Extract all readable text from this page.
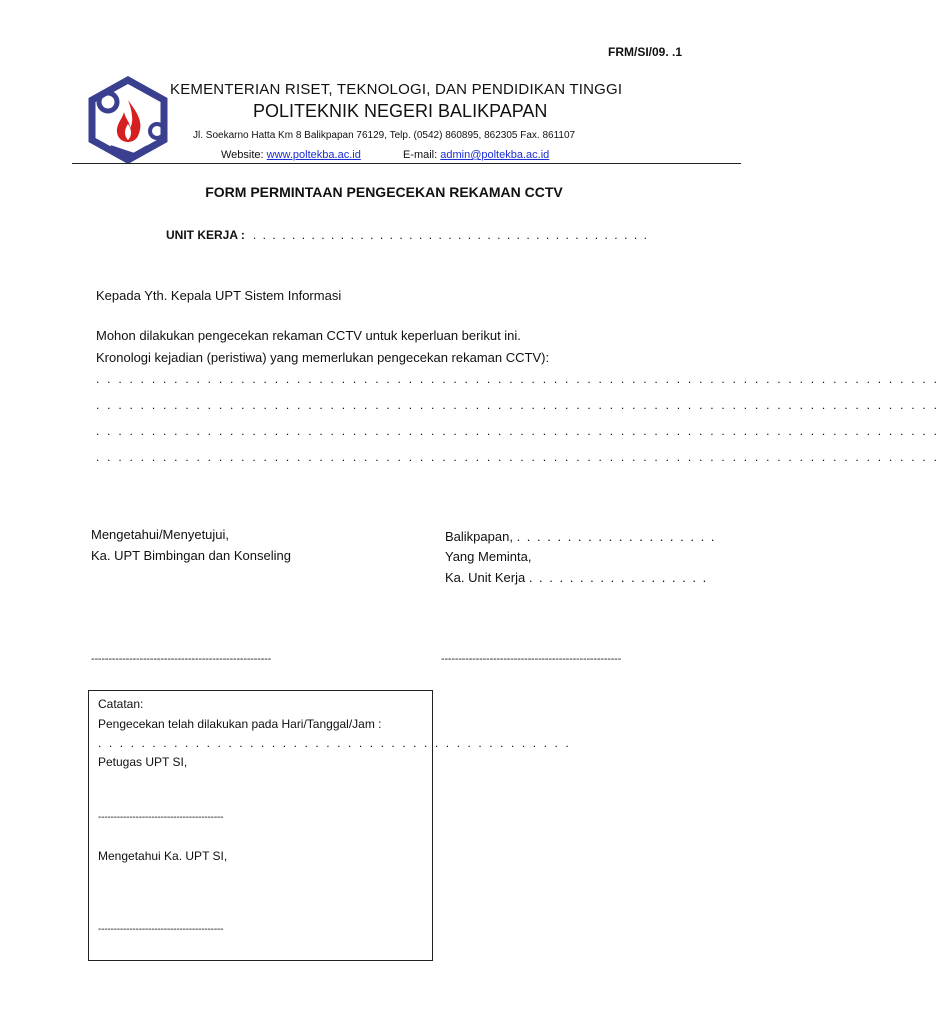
FRM/SI/09. .1
KEMENTERIAN RISET, TEKNOLOGI, DAN PENDIDIKAN TINGGI
POLITEKNIK NEGERI BALIKPAPAN
Jl. Soekarno Hatta Km 8 Balikpapan 76129, Telp. (0542) 860895, 862305 Fax. 861107
Website: www.poltekba.ac.id	E-mail: admin@poltekba.ac.id
FORM PERMINTAAN PENGECEKAN REKAMAN CCTV
UNIT KERJA : . . . . . . . . . . . . . . . . . . . . . . . . . . . . . . . . . . . . . . . . .
Kepada Yth. Kepala UPT Sistem Informasi
Mohon dilakukan pengecekan rekaman CCTV untuk keperluan berikut ini.
Kronologi kejadian (peristiwa) yang memerlukan pengecekan rekaman CCTV):
. . . . . . . . . . . . . . . . . . . . . . . . . . . . . . . . . . . . . . . . . . . . . . . . . . . . . . . . . . . . . . . . . . . . . . . . . . . .
. . . . . . . . . . . . . . . . . . . . . . . . . . . . . . . . . . . . . . . . . . . . . . . . . . . . . . . . . . . . . . . . . . . . . . . . . . . .
. . . . . . . . . . . . . . . . . . . . . . . . . . . . . . . . . . . . . . . . . . . . . . . . . . . . . . . . . . . . . . . . . . . . . . . . . . . .
. . . . . . . . . . . . . . . . . . . . . . . . . . . . . . . . . . . . . . . . . . . . . . . . . . . . . . . . . . . . . . . . . . . . . . . . . . . .
Mengetahui/Menyetujui,
Ka. UPT Bimbingan dan Konseling
Balikpapan, . . . . . . . . . . . . . . . . . . . .
Yang Meminta,
Ka. Unit Kerja . . . . . . . . . . . . . . . . . .
----------------------------------------------------	----------------------------------------------------
Catatan:
Pengecekan telah dilakukan pada Hari/Tanggal/Jam :
. . . . . . . . . . . . . . . . . . . . . . . . . . . . . . . . . . . . . . . . . . . .
Petugas UPT SI,
----------------------------------------
Mengetahui Ka. UPT SI,
----------------------------------------
